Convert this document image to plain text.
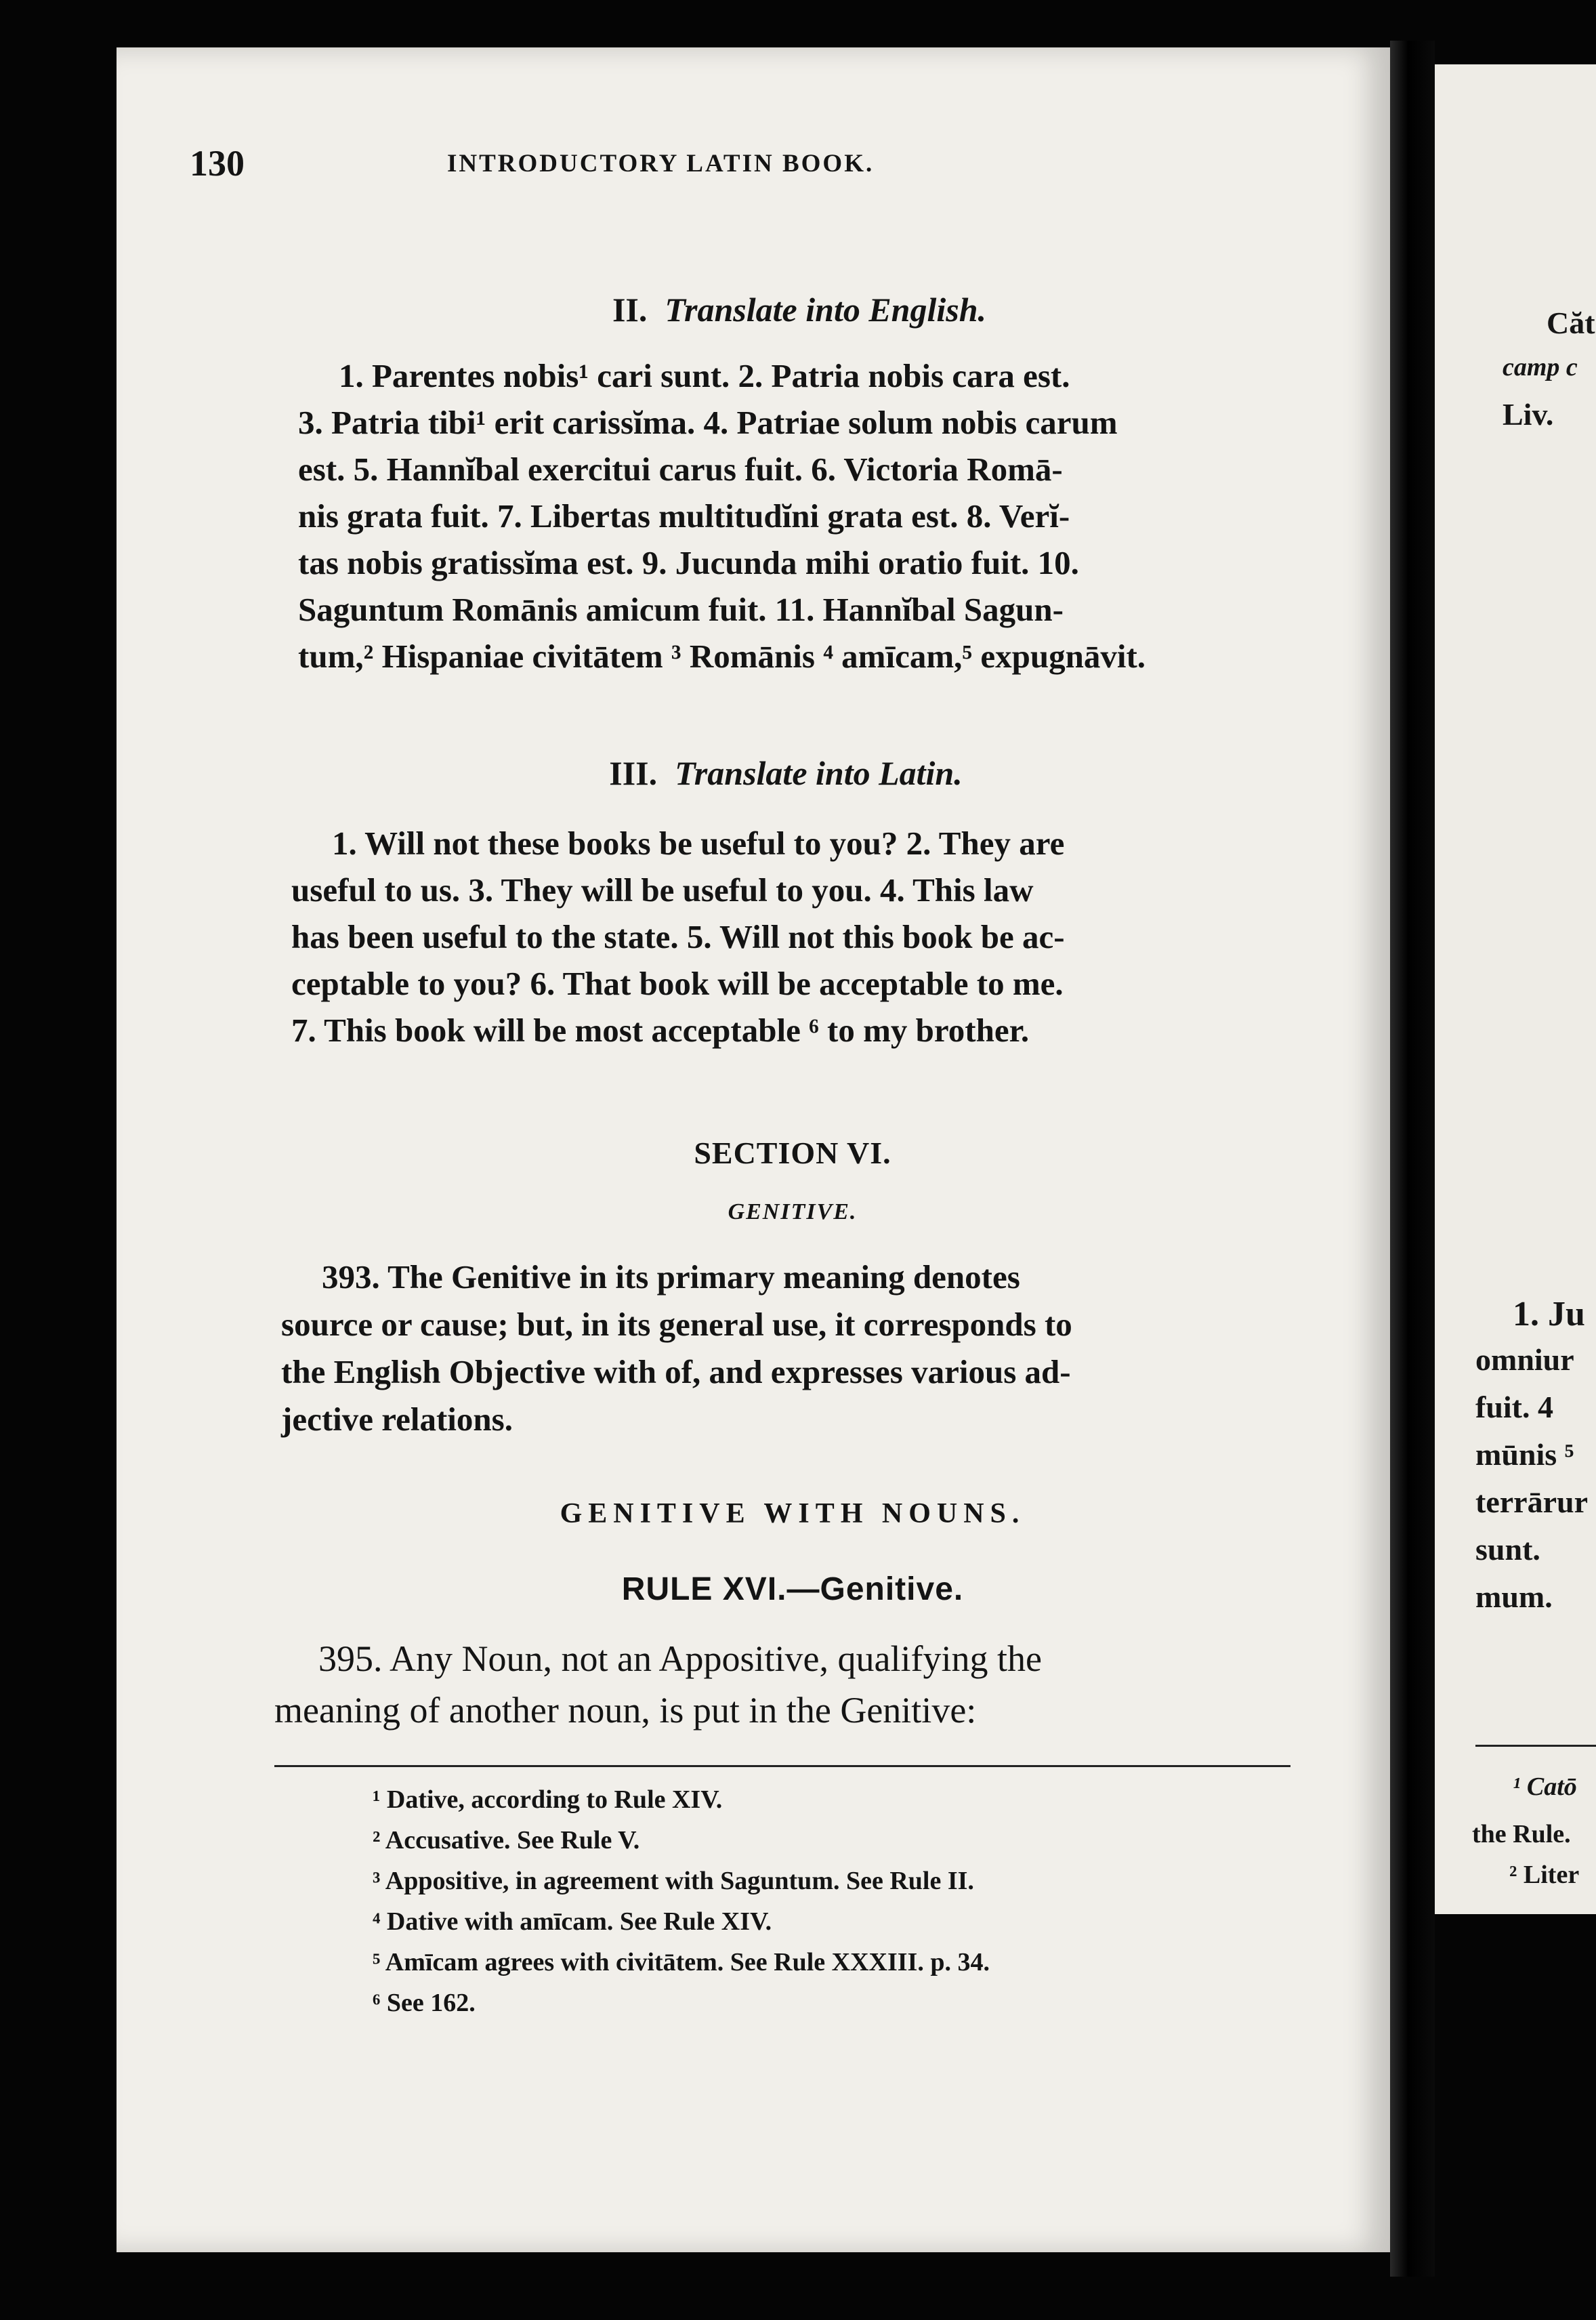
Căt
camp c
Liv.
1. Ju
omniur
fuit. 4
mūnis ⁵
terrārur
sunt.
mum.
¹ Catō
the Rule.
² Liter
130	INTRODUCTORY LATIN BOOK.
II. Translate into English.
1. Parentes nobis¹ cari sunt. 2. Patria nobis cara est.
3. Patria tibi¹ erit carissĭma. 4. Patriae solum nobis carum
est. 5. Hannĭbal exercitui carus fuit. 6. Victoria Romā-
nis grata fuit. 7. Libertas multitudĭni grata est. 8. Verĭ-
tas nobis gratissĭma est. 9. Jucunda mihi oratio fuit. 10.
Saguntum Romānis amicum fuit. 11. Hannĭbal Sagun-
tum,² Hispaniae civitātem ³ Romānis ⁴ amīcam,⁵ expugnāvit.
III. Translate into Latin.
1. Will not these books be useful to you? 2. They are
useful to us. 3. They will be useful to you. 4. This law
has been useful to the state. 5. Will not this book be ac-
ceptable to you? 6. That book will be acceptable to me.
7. This book will be most acceptable ⁶ to my brother.
SECTION VI.
GENITIVE.
393. The Genitive in its primary meaning denotes
source or cause; but, in its general use, it corresponds to
the English Objective with of, and expresses various ad-
jective relations.
GENITIVE WITH NOUNS.
RULE XVI.—Genitive.
395. Any Noun, not an Appositive, qualifying the
meaning of another noun, is put in the Genitive:
¹ Dative, according to Rule XIV.
² Accusative. See Rule V.
³ Appositive, in agreement with Saguntum. See Rule II.
⁴ Dative with amīcam. See Rule XIV.
⁵ Amīcam agrees with civitātem. See Rule XXXIII. p. 34.
⁶ See 162.
